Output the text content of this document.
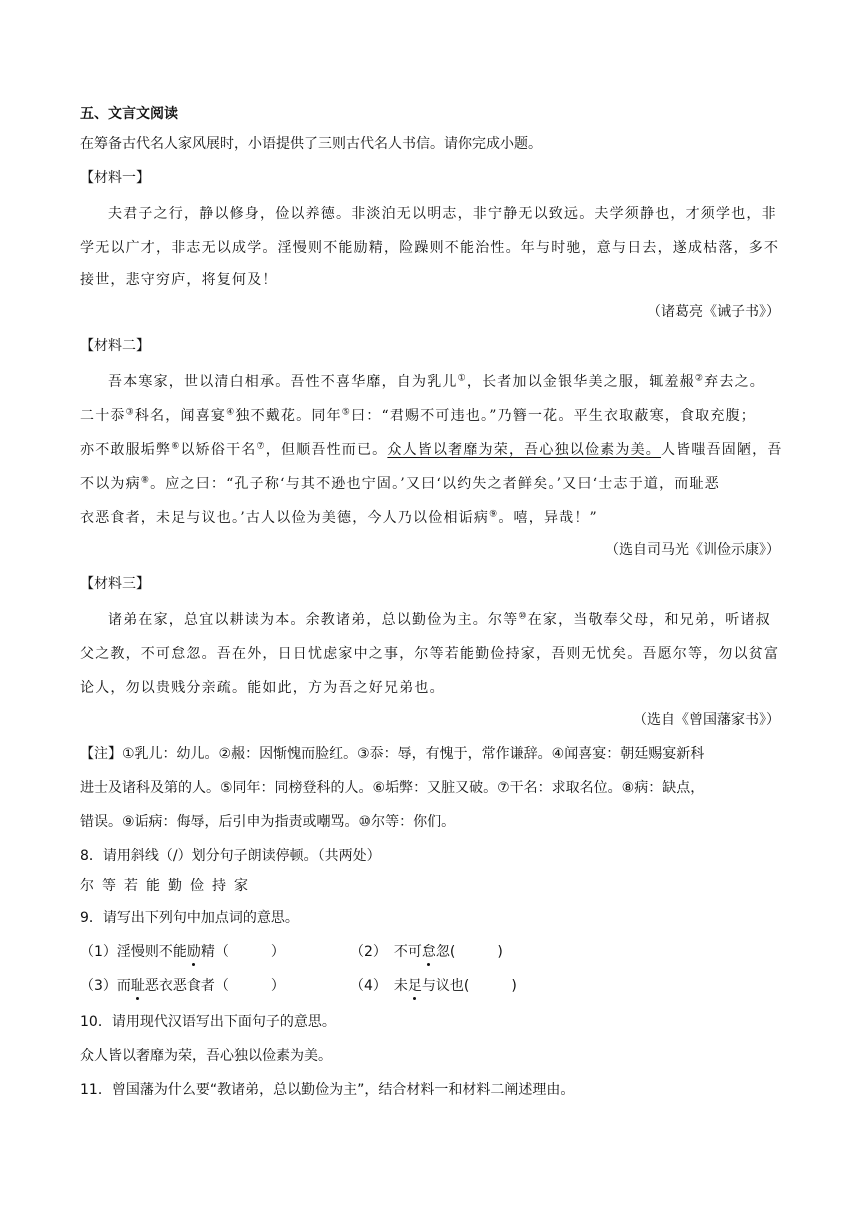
五、文言文阅读
在筹备古代名人家风展时，小语提供了三则古代名人书信。请你完成小题。
【材料一】
夫君子之行，静以修身，俭以养德。非淡泊无以明志，非宁静无以致远。夫学须静也，才须学也，非
学无以广才，非志无以成学。淫慢则不能励精，险躁则不能治性。年与时驰，意与日去，遂成枯落，多不
接世，悲守穷庐，将复何及！
（诸葛亮《诫子书》）
【材料二】
吾本寒家，世以清白相承。吾性不喜华靡，自为乳儿①，长者加以金银华美之服，辄羞赧②弃去之。
二十忝③科名，闻喜宴④独不戴花。同年⑤曰：“君赐不可违也。”乃簪一花。平生衣取蔽寒，食取充腹；
亦不敢服垢弊⑥以矫俗干名⑦，但顺吾性而已。众人皆以奢靡为荣，吾心独以俭素为美。人皆嗤吾固陋，吾
不以为病⑧。应之曰：“孔子称‘与其不逊也宁固。’又曰‘以约失之者鲜矣。’又曰‘士志于道，而耻恶
衣恶食者，未足与议也。’古人以俭为美德，今人乃以俭相诟病⑨。嘻，异哉！”
（选自司马光《训俭示康》）
【材料三】
诸弟在家，总宜以耕读为本。余教诸弟，总以勤俭为主。尔等⑩在家，当敬奉父母，和兄弟，听诸叔
父之教，不可怠忽。吾在外，日日忧虑家中之事，尔等若能勤俭持家，吾则无忧矣。吾愿尔等，勿以贫富
论人，勿以贵贱分亲疏。能如此，方为吾之好兄弟也。
（选自《曾国藩家书》）
【注】①乳儿：幼儿。②赧：因惭愧而脸红。③忝：辱，有愧于，常作谦辞。④闻喜宴：朝廷赐宴新科
进士及诸科及第的人。⑤同年：同榜登科的人。⑥垢弊：又脏又破。⑦干名：求取名位。⑧病：缺点，
错误。⑨诟病：侮辱，后引申为指责或嘲骂。⑩尔等：你们。
8．请用斜线（/）划分句子朗读停顿。（共两处）
尔等若能勤俭持家
9．请写出下列句中加点词的意思。
（1）淫慢则不能励精（　　　）	（2）　不可怠忽(　　　)
（3）而耻恶衣恶食者（　　　）	（4）　未足与议也(　　　)
10．请用现代汉语写出下面句子的意思。
众人皆以奢靡为荣，吾心独以俭素为美。
11．曾国藩为什么要“教诸弟，总以勤俭为主”，结合材料一和材料二阐述理由。
